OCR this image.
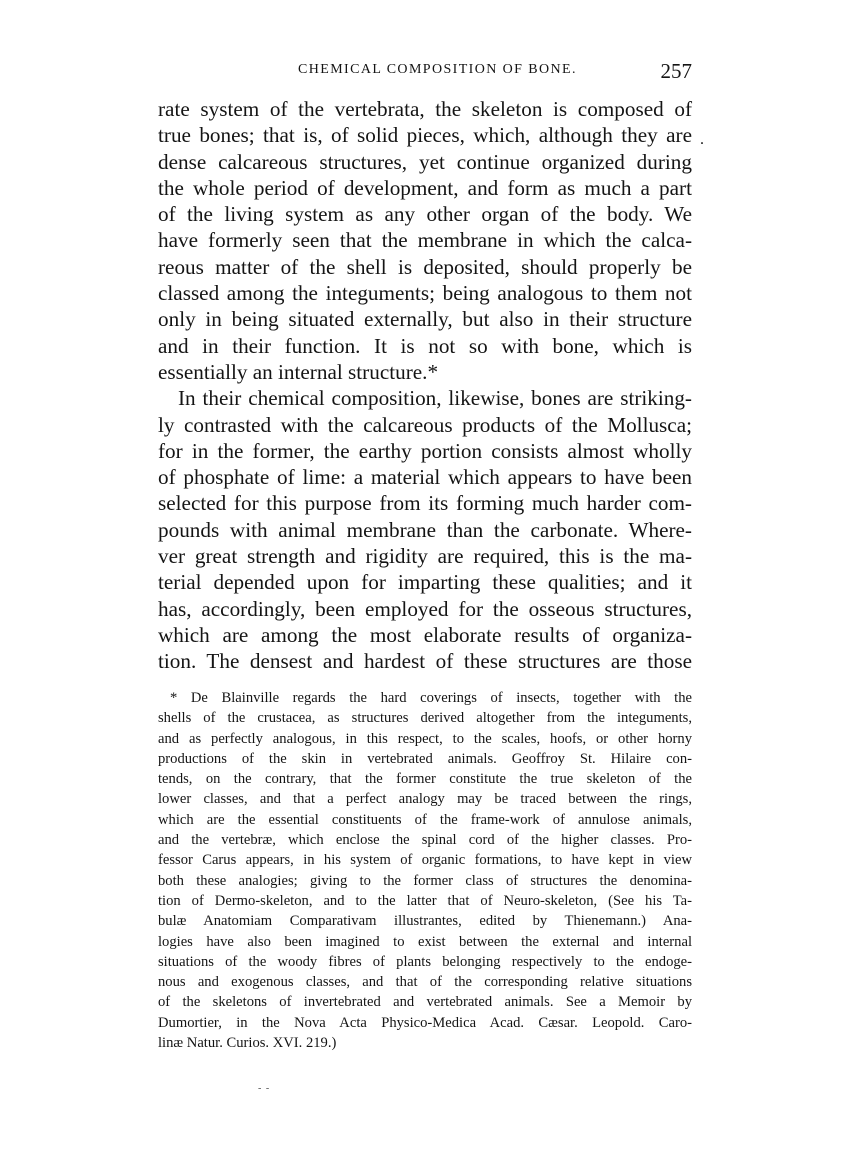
CHEMICAL COMPOSITION OF BONE.	257
.
rate system of the vertebrata, the skeleton is composed of
true bones; that is, of solid pieces, which, although they are
dense calcareous structures, yet continue organized during
the whole period of development, and form as much a part
of the living system as any other organ of the body. We
have formerly seen that the membrane in which the calca-
reous matter of the shell is deposited, should properly be
classed among the integuments; being analogous to them not
only in being situated externally, but also in their structure
and in their function. It is not so with bone, which is
essentially an internal structure.*
In their chemical composition, likewise, bones are striking-
ly contrasted with the calcareous products of the Mollusca;
for in the former, the earthy portion consists almost wholly
of phosphate of lime: a material which appears to have been
selected for this purpose from its forming much harder com-
pounds with animal membrane than the carbonate. Where-
ver great strength and rigidity are required, this is the ma-
terial depended upon for imparting these qualities; and it
has, accordingly, been employed for the osseous structures,
which are among the most elaborate results of organiza-
tion. The densest and hardest of these structures are those
* De Blainville regards the hard coverings of insects, together with the
shells of the crustacea, as structures derived altogether from the integuments,
and as perfectly analogous, in this respect, to the scales, hoofs, or other horny
productions of the skin in vertebrated animals. Geoffroy St. Hilaire con-
tends, on the contrary, that the former constitute the true skeleton of the
lower classes, and that a perfect analogy may be traced between the rings,
which are the essential constituents of the frame-work of annulose animals,
and the vertebræ, which enclose the spinal cord of the higher classes. Pro-
fessor Carus appears, in his system of organic formations, to have kept in view
both these analogies; giving to the former class of structures the denomina-
tion of Dermo-skeleton, and to the latter that of Neuro-skeleton, (See his Ta-
bulæ Anatomiam Comparativam illustrantes, edited by Thienemann.) Ana-
logies have also been imagined to exist between the external and internal
situations of the woody fibres of plants belonging respectively to the endoge-
nous and exogenous classes, and that of the corresponding relative situations
of the skeletons of invertebrated and vertebrated animals. See a Memoir by
Dumortier, in the Nova Acta Physico-Medica Acad. Cæsar. Leopold. Caro-
linæ Natur. Curios. XVI. 219.)
- -
